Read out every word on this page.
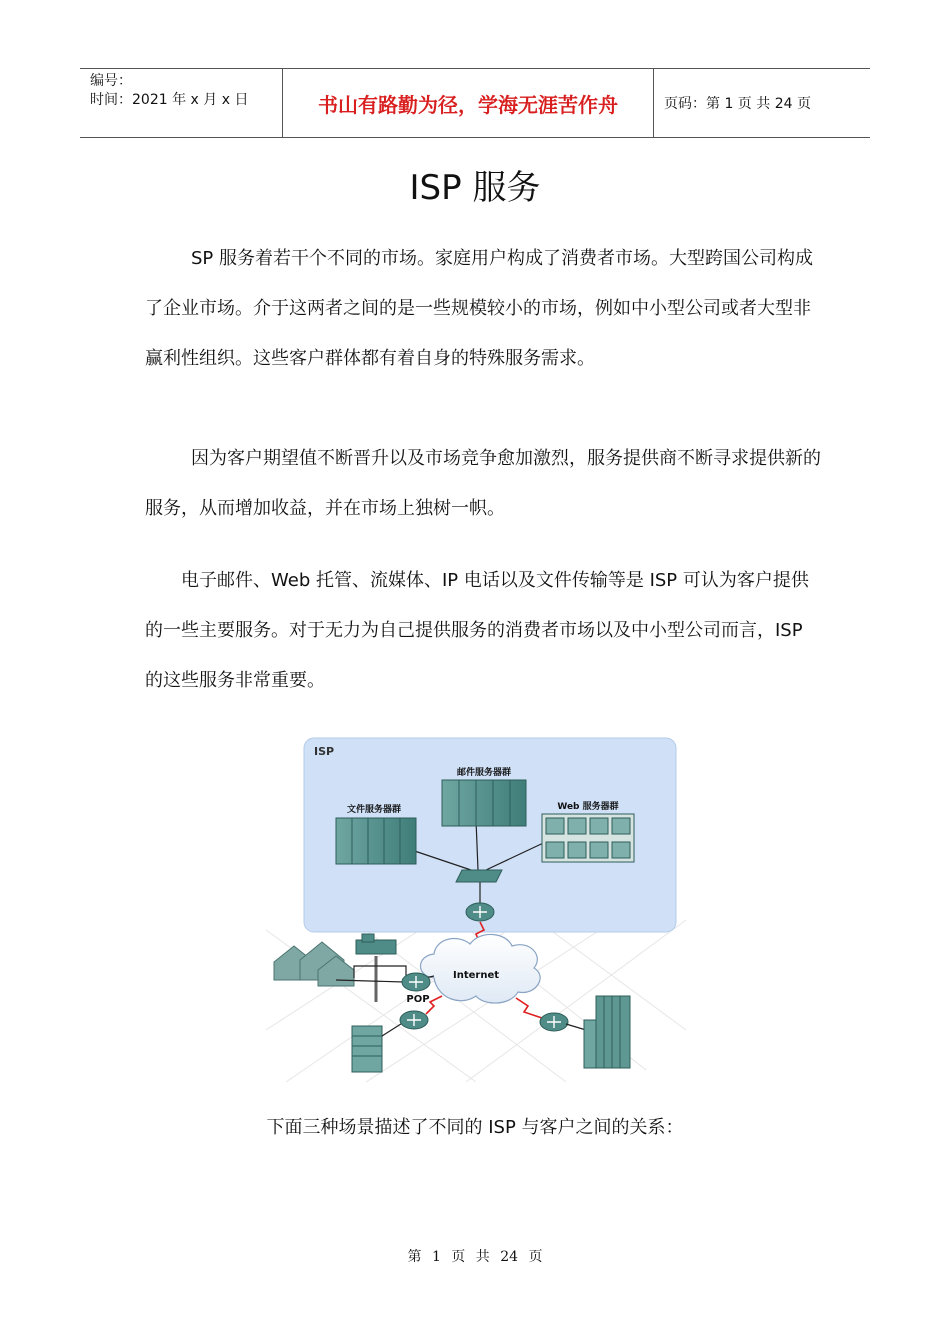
编号：
时间：2021 年 x 月 x 日	书山有路勤为径，学海无涯苦作舟	页码：第 1 页 共 24 页
ISP 服务
SP 服务着若干个不同的市场。家庭用户构成了消费者市场。大型跨国公司构成了企业市场。介于这两者之间的是一些规模较小的市场，例如中小型公司或者大型非赢利性组织。这些客户群体都有着自身的特殊服务需求。
因为客户期望值不断晋升以及市场竞争愈加激烈，服务提供商不断寻求提供新的服务，从而增加收益，并在市场上独树一帜。
电子邮件、Web 托管、流媒体、IP 电话以及文件传输等是 ISP 可认为客户提供的一些主要服务。对于无力为自己提供服务的消费者市场以及中小型公司而言，ISP 的这些服务非常重要。
ISP
邮件服务器群
文件服务器群	Web 服务器群
Internet
POP
下面三种场景描述了不同的 ISP 与客户之间的关系：
第 1 页 共 24 页
